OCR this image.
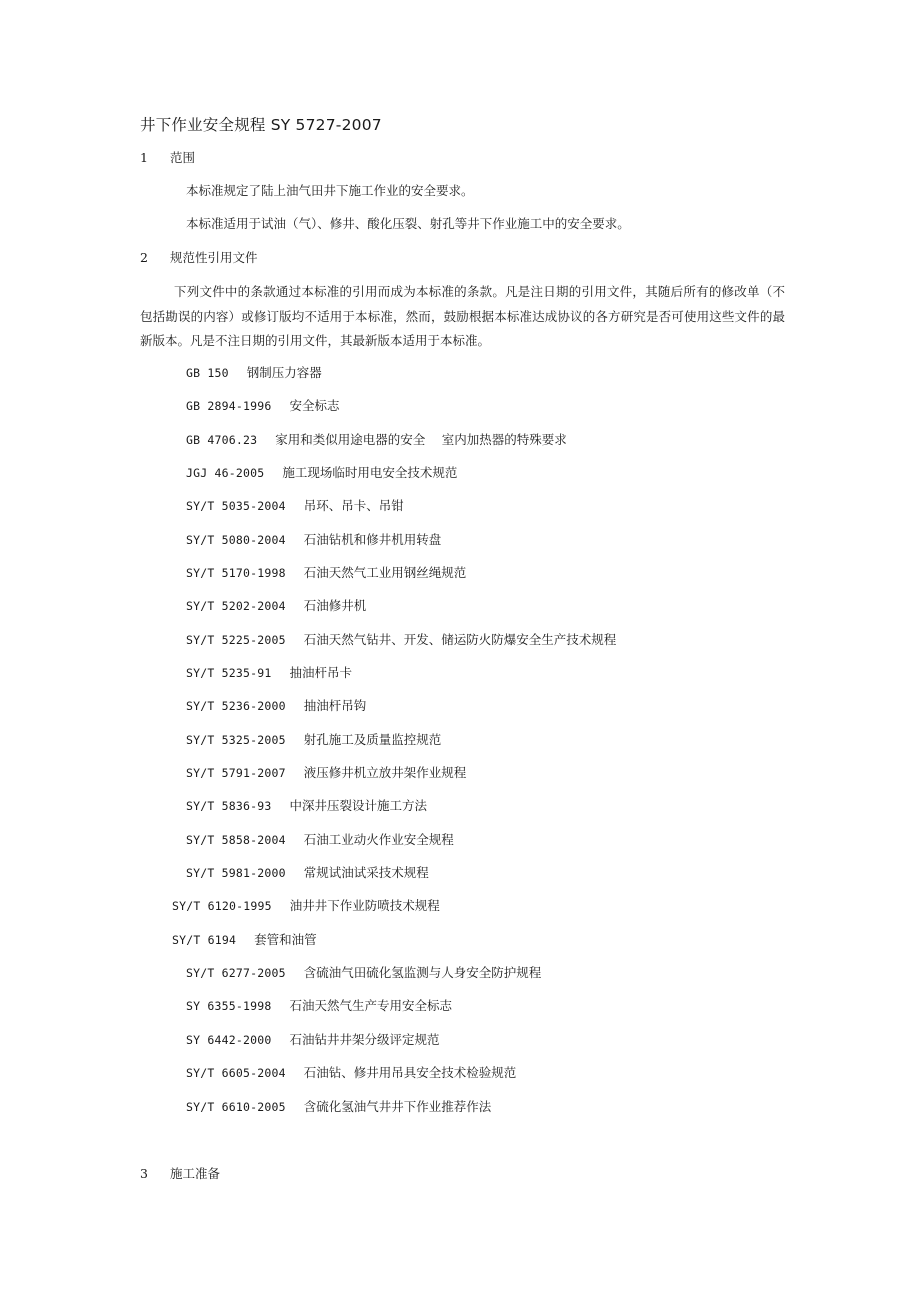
井下作业安全规程 SY 5727-2007
1 范围
本标准规定了陆上油气田井下施工作业的安全要求。
本标准适用于试油（气）、修井、酸化压裂、射孔等井下作业施工中的安全要求。
2 规范性引用文件
下列文件中的条款通过本标准的引用而成为本标准的条款。凡是注日期的引用文件，其随后所有的修改单（不包括勘误的内容）或修订版均不适用于本标准，然而，鼓励根据本标准达成协议的各方研究是否可使用这些文件的最新版本。凡是不注日期的引用文件，其最新版本适用于本标准。
GB 150 钢制压力容器
GB 2894-1996 安全标志
GB 4706.23 家用和类似用途电器的安全　 室内加热器的特殊要求
JGJ 46-2005 施工现场临时用电安全技术规范
SY/T 5035-2004 吊环、吊卡、吊钳
SY/T 5080-2004 石油钻机和修井机用转盘
SY/T 5170-1998 石油天然气工业用钢丝绳规范
SY/T 5202-2004 石油修井机
SY/T 5225-2005 石油天然气钻井、开发、储运防火防爆安全生产技术规程
SY/T 5235-91 抽油杆吊卡
SY/T 5236-2000 抽油杆吊钩
SY/T 5325-2005 射孔施工及质量监控规范
SY/T 5791-2007 液压修井机立放井架作业规程
SY/T 5836-93 中深井压裂设计施工方法
SY/T 5858-2004 石油工业动火作业安全规程
SY/T 5981-2000 常规试油试采技术规程
SY/T 6120-1995 油井井下作业防喷技术规程
SY/T 6194 套管和油管
SY/T 6277-2005 含硫油气田硫化氢监测与人身安全防护规程
SY 6355-1998 石油天然气生产专用安全标志
SY 6442-2000 石油钻井井架分级评定规范
SY/T 6605-2004 石油钻、修井用吊具安全技术检验规范
SY/T 6610-2005 含硫化氢油气井井下作业推荐作法
3 施工准备
